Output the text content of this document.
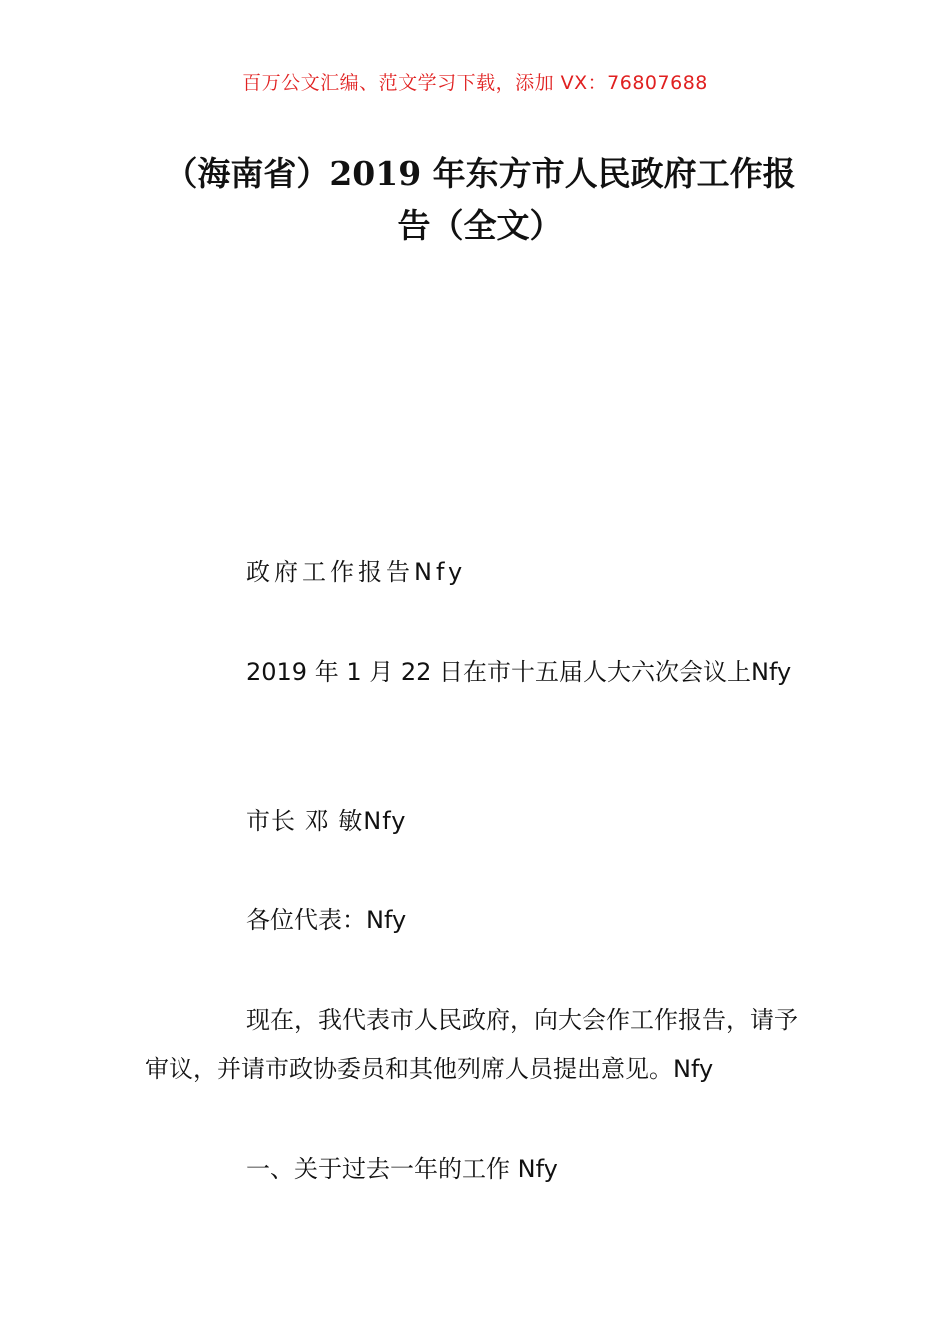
百万公文汇编、范文学习下载，添加 VX：76807688
（海南省）2019 年东方市人民政府工作报告（全文）
政府工作报告Nfy
2019 年 1 月 22 日在市十五届人大六次会议上Nfy
市长 邓 敏Nfy
各位代表：Nfy
现在，我代表市人民政府，向大会作工作报告，请予审议，并请市政协委员和其他列席人员提出意见。Nfy
一、关于过去一年的工作 Nfy
